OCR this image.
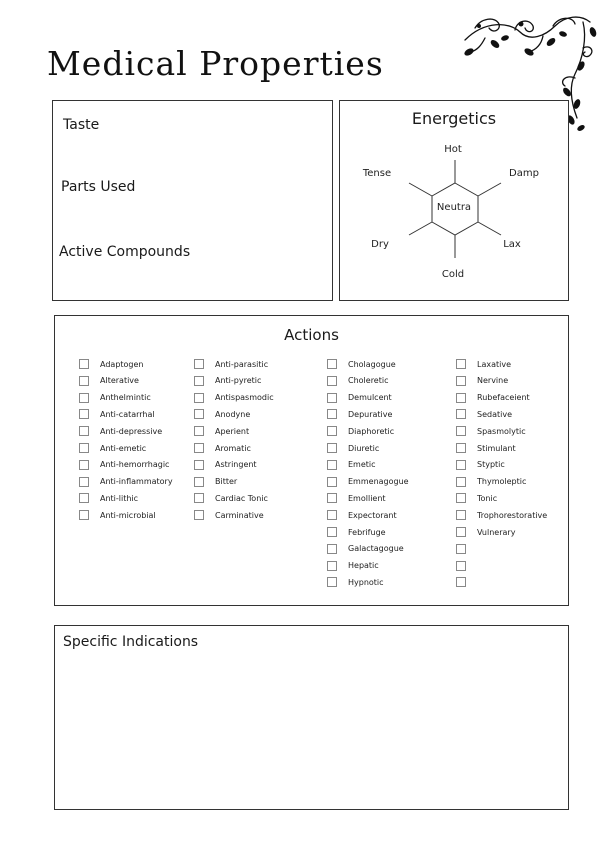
Medical Properties
Taste
Parts Used
Active Compounds
Energetics
Neutra
Hot
Cold
Tense	Damp
Dry	Lax
Actions
Adaptogen
Alterative
Anthelmintic
Anti-catarrhal
Anti-depressive
Anti-emetic
Anti-hemorrhagic
Anti-inflammatory
Anti-lithic
Anti-microbial
Anti-parasitic
Anti-pyretic
Antispasmodic
Anodyne
Aperient
Aromatic
Astringent
Bitter
Cardiac Tonic
Carminative
Cholagogue
Choleretic
Demulcent
Depurative
Diaphoretic
Diuretic
Emetic
Emmenagogue
Emollient
Expectorant
Febrifuge
Galactagogue
Hepatic
Hypnotic
Laxative
Nervine
Rubefaceient
Sedative
Spasmolytic
Stimulant
Styptic
Thymoleptic
Tonic
Trophorestorative
Vulnerary
Specific Indications
